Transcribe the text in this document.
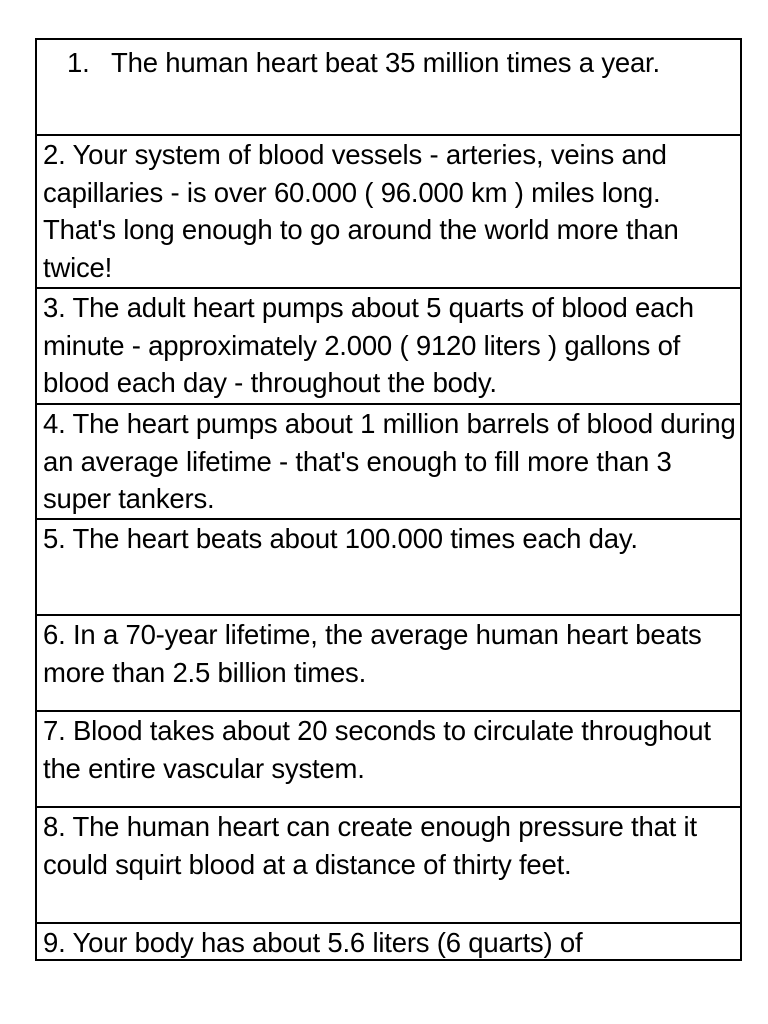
1. The human heart beat 35 million times a year.
2. Your system of blood vessels - arteries, veins and capillaries - is over 60.000 ( 96.000 km ) miles long. That's long enough to go around the world more than twice!
3. The adult heart pumps about 5 quarts of blood each minute - approximately 2.000 ( 9120 liters ) gallons of blood each day - throughout the body.
4. The heart pumps about 1 million barrels of blood during an average lifetime - that's enough to fill more than 3 super tankers.
5. The heart beats about 100.000 times each day.
6. In a 70-year lifetime, the average human heart beats more than 2.5 billion times.
7. Blood takes about 20 seconds to circulate throughout the entire vascular system.
8. The human heart can create enough pressure that it could squirt blood at a distance of thirty feet.
9. Your body has about 5.6 liters (6 quarts) of
